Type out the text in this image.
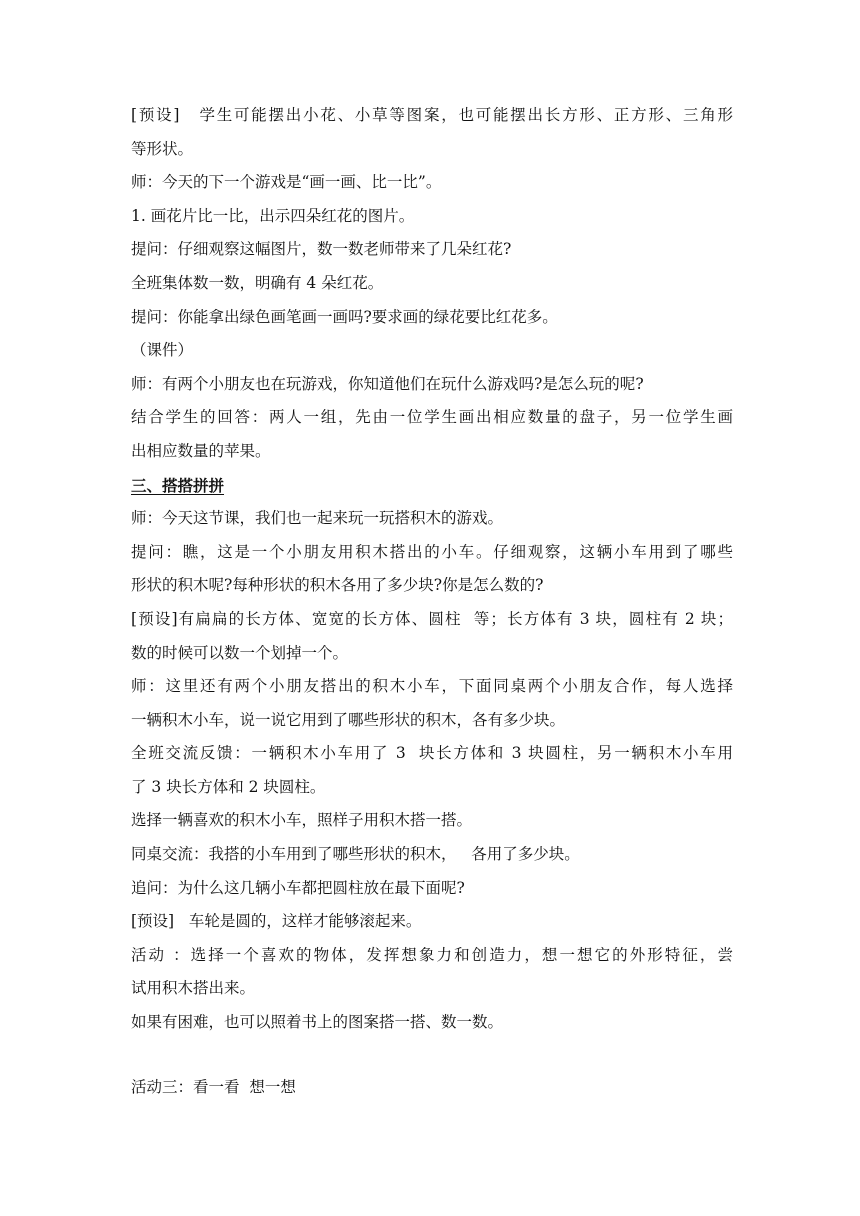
[预设]   学生可能摆出小花、小草等图案，也可能摆出长方形、正方形、三角形
等形状。
师：今天的下一个游戏是“画一画、比一比”。
1. 画花片比一比，出示四朵红花的图片。
提问：仔细观察这幅图片，数一数老师带来了几朵红花?
全班集体数一数，明确有 4 朵红花。
提问：你能拿出绿色画笔画一画吗?要求画的绿花要比红花多。
（课件）
师：有两个小朋友也在玩游戏，你知道他们在玩什么游戏吗?是怎么玩的呢?
结合学生的回答：两人一组，先由一位学生画出相应数量的盘子，另一位学生画
出相应数量的苹果。
三、搭搭拼拼
师：今天这节课，我们也一起来玩一玩搭积木的游戏。
提问：瞧，这是一个小朋友用积木搭出的小车。仔细观察，这辆小车用到了哪些
形状的积木呢?每种形状的积木各用了多少块?你是怎么数的?
[预设]有扁扁的长方体、宽宽的长方体、圆柱  等；长方体有 3 块，圆柱有 2 块；
数的时候可以数一个划掉一个。
师：这里还有两个小朋友搭出的积木小车，下面同桌两个小朋友合作，每人选择
一辆积木小车，说一说它用到了哪些形状的积木，各有多少块。
全班交流反馈：一辆积木小车用了 3  块长方体和 3 块圆柱，另一辆积木小车用
了 3 块长方体和 2 块圆柱。
选择一辆喜欢的积木小车，照样子用积木搭一搭。
同桌交流：我搭的小车用到了哪些形状的积木，   各用了多少块。
追问：为什么这几辆小车都把圆柱放在最下面呢?
[预设]   车轮是圆的，这样才能够滚起来。
活动 ：选择一个喜欢的物体，发挥想象力和创造力，想一想它的外形特征，尝
试用积木搭出来。
如果有困难，也可以照着书上的图案搭一搭、数一数。
活动三：看一看  想一想
